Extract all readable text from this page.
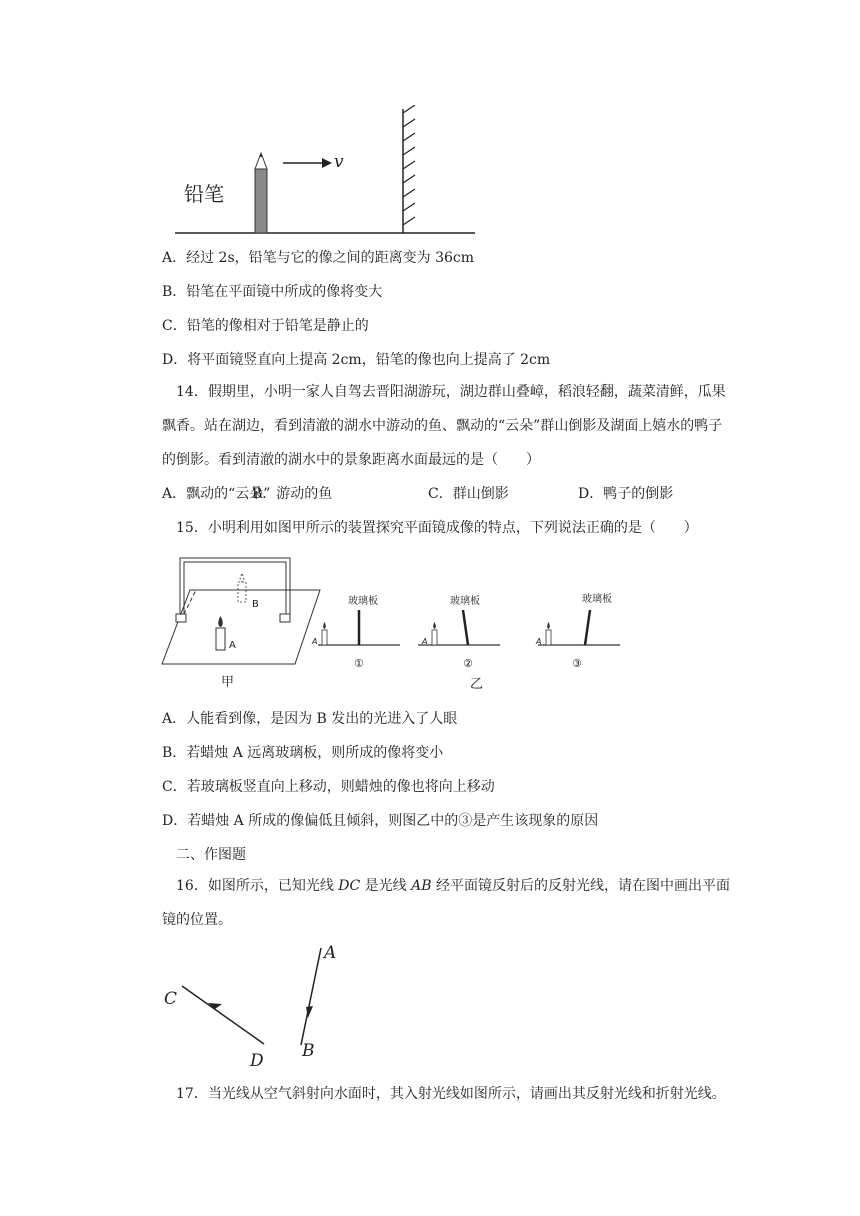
铅笔
v
A．经过 2s，铅笔与它的像之间的距离变为 36cm
B．铅笔在平面镜中所成的像将变大
C．铅笔的像相对于铅笔是静止的
D．将平面镜竖直向上提高 2cm，铅笔的像也向上提高了 2cm
14．假期里，小明一家人自驾去晋阳湖游玩，湖边群山叠嶂，稻浪轻翻，蔬菜清鲜，瓜果飘香。站在湖边，看到清澈的湖水中游动的鱼、飘动的“云朵”群山倒影及湖面上嬉水的鸭子的倒影。看到清澈的湖水中的景象距离水面最远的是（　　）
A．飘动的“云朵”
B．游动的鱼	C．群山倒影	D．鸭子的倒影
15．小明利用如图甲所示的装置探究平面镜成像的特点，下列说法正确的是（　　）
B
A
甲
A
玻璃板
①
A
玻璃板
②
A
玻璃板
③
乙
A．人能看到像，是因为 B 发出的光进入了人眼
B．若蜡烛 A 远离玻璃板，则所成的像将变小
C．若玻璃板竖直向上移动，则蜡烛的像也将向上移动
D．若蜡烛 A 所成的像偏低且倾斜，则图乙中的③是产生该现象的原因
二、作图题
16．如图所示，已知光线 DC 是光线 AB 经平面镜反射后的反射光线，请在图中画出平面镜的位置。
A
B
C
D
17．当光线从空气斜射向水面时，其入射光线如图所示，请画出其反射光线和折射光线。
